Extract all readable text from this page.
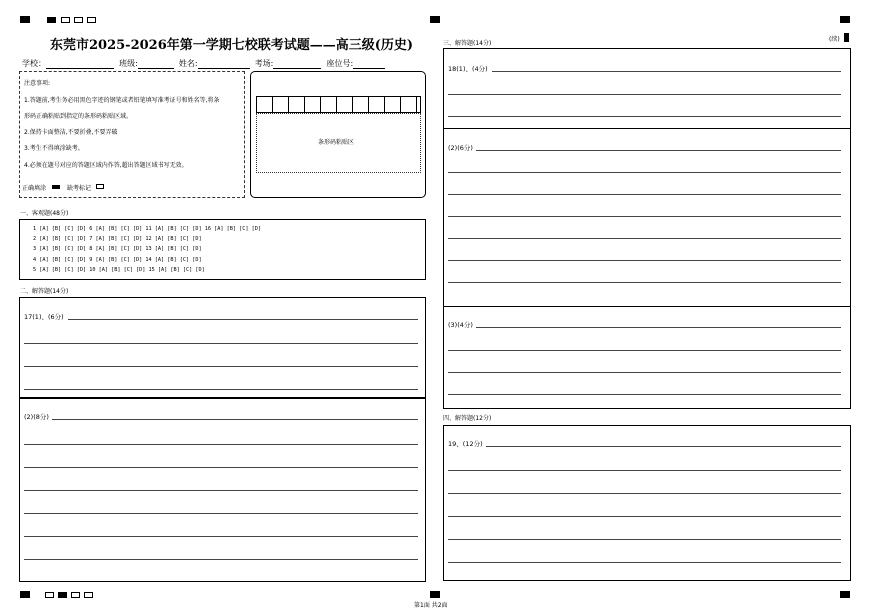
东莞市2025-2026年第一学期七校联考试题——高三级(历史)
学校：	班级:	姓名:	考场:	座位号:
注意事项:
1.答题前,考生务必用黑色字迹的钢笔或者铅笔填写准考证号和姓名等,将条
形码正确粘贴到指定的条形码粘贴区域。
2.保持卡面整洁,不要折叠,不要弄破
3.考生不得填涂缺考。
4.必须在题号对应的答题区域内作答,超出答题区域书写无效。
正确填涂	缺考标记
条形码粘贴区
一、客观题(48分)
1 [A] [B] [C] [D] 6 [A] [B] [C] [D] 11 [A] [B] [C] [D] 16 [A] [B] [C] [D]
2 [A] [B] [C] [D] 7 [A] [B] [C] [D] 12 [A] [B] [C] [D]
3 [A] [B] [C] [D] 8 [A] [B] [C] [D] 13 [A] [B] [C] [D]
4 [A] [B] [C] [D] 9 [A] [B] [C] [D] 14 [A] [B] [C] [D]
5 [A] [B] [C] [D] 10 [A] [B] [C] [D] 15 [A] [B] [C] [D]
二、解答题(14分)
17(1)、(6分)
(2)(8分)
三、解答题(14分)
(续)
18(1)、(4分)
(2)(6分)
(3)(4分)
四、解答题(12分)
19、(12分)
第1面 共2面
